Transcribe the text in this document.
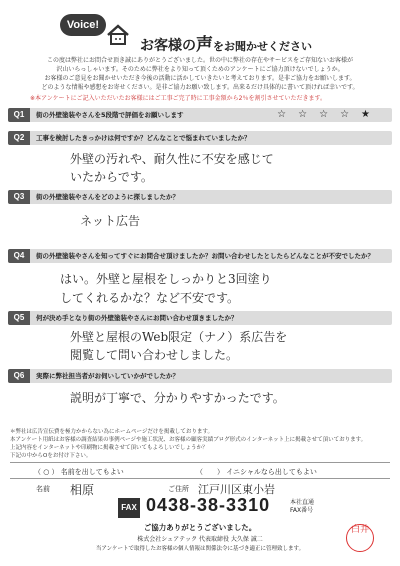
Voice!
お客様の声をお聞かせください
この度は弊社にお問合せ頂き誠にありがとうございました。世の中に弊社の存在やサービスをご存知ないお客様が
沢山いらっしゃいます。そのために弊社をより知って頂くためのアンケートにご協力頂けないでしょうか。
お客様のご意見をお聞かせいただき今後の活動に活かしていきたいと考えております。是非ご協力をお願いします。
どのような情報や感想をお寄せください。是非ご協力お願い致します。出来るだけ具体的に書いて頂ければ幸いです。
※本アンケートにご記入いただいたお客様にはご工事ご完了時に工事金額から2％を割引させていただきます。
Q1	街の外壁塗装やさんを5段階で評価をお願いします	☆☆☆☆★
Q2	工事を検討したきっかけは何ですか？どんなことで悩まれていましたか？
外壁の汚れや、耐久性に不安を感じて
いたからです。
Q3	街の外壁塗装やさんをどのように探しましたか？
ネット広告
Q4	街の外壁塗装やさんを知ってすぐにお問合せ頂けましたか？お問い合わせしたとしたらどんなことが不安でしたか？
はい。外壁と屋根をしっかりと3回塗り
してくれるかな？など不安です。
Q5	何が決め手となり街の外壁塗装やさんにお問い合わせ頂きましたか？
外壁と屋根のWeb限定（ナノ）系広告を
閲覧して問い合わせしました。
Q6	実際に弊社担当者がお伺いしていかがでしたか？
説明が丁寧で、分かりやすかったです。
＊弊社は広告宣伝費を極力かからない為にホームページだけを掲載しております。
本アンケート用紙はお客様の調査結果の事例ページや施工状況、お客様の顧客実績ブログ形式のインターネット上に掲載させて頂いております。
上記内容をインターネットや印刷物に掲載させて頂いてもよろしいでしょうか？
下記の中からOをお付け下さい。
（ ○ ） 名前を出してもよい	（　　） イニシャルなら出してもよい
名前 相原	ご住所 江戸川区東小岩
FAX 0438-38-3310	本社直通
FAX番号
ご協力ありがとうございました。
株式会社シェアテック 代表取締役 大久保 誠二
当アンケートで取得したお客様の個人情報は関係法令に基づき適正に管理致します。
白井
